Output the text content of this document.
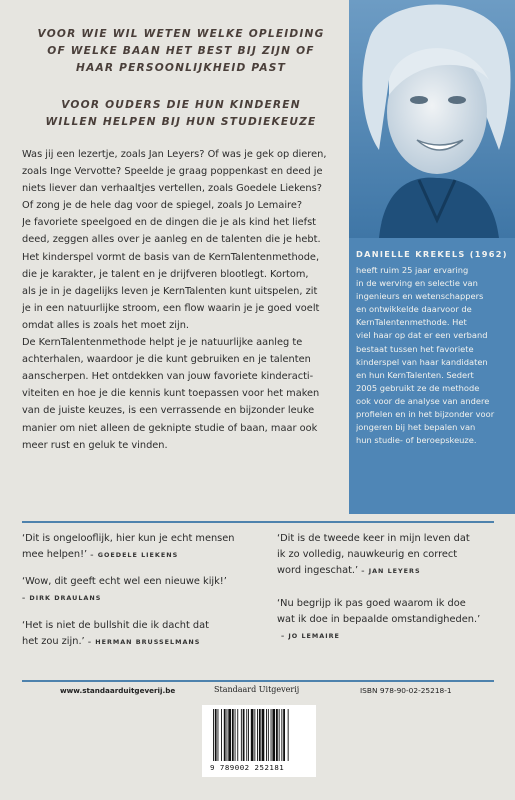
VOOR WIE WIL WETEN WELKE OPLEIDING
OF WELKE BAAN HET BEST BIJ ZIJN OF
HAAR PERSOONLIJKHEID PAST
VOOR OUDERS DIE HUN KINDEREN
WILLEN HELPEN BIJ HUN STUDIEKEUZE
Was jij een lezertje, zoals Jan Leyers? Of was je gek op dieren,
zoals Inge Vervotte? Speelde je graag poppenkast en deed je
niets liever dan verhaaltjes vertellen, zoals Goedele Liekens?
Of zong je de hele dag voor de spiegel, zoals Jo Lemaire?
Je favoriete speelgoed en de dingen die je als kind het liefst
deed, zeggen alles over je aanleg en de talenten die je hebt.
Het kinderspel vormt de basis van de KernTalentenmethode,
die je karakter, je talent en je drijfveren blootlegt. Kortom,
als je in je dagelijks leven je KernTalenten kunt uitspelen, zit
je in een natuurlijke stroom, een flow waarin je je goed voelt
omdat alles is zoals het moet zijn.
De KernTalentenmethode helpt je je natuurlijke aanleg te
achterhalen, waardoor je die kunt gebruiken en je talenten
aanscherpen. Het ontdekken van jouw favoriete kinderacti-
viteiten en hoe je die kennis kunt toepassen voor het maken
van de juiste keuzes, is een verrassende en bijzonder leuke
manier om niet alleen de geknipte studie of baan, maar ook
meer rust en geluk te vinden.
DANIELLE KREKELS (1962)
heeft ruim 25 jaar ervaring
in de werving en selectie van
ingenieurs en wetenschappers
en ontwikkelde daarvoor de
KernTalentenmethode. Het
viel haar op dat er een verband
bestaat tussen het favoriete
kinderspel van haar kandidaten
en hun KernTalenten. Sedert
2005 gebruikt ze de methode
ook voor de analyse van andere
profielen en in het bijzonder voor
jongeren bij het bepalen van
hun studie- of beroepskeuze.
‘Dit is ongelooflijk, hier kun je echt mensen
mee helpen!’ – GOEDELE LIEKENS
‘Wow, dit geeft echt wel een nieuwe kijk!’
– DIRK DRAULANS
‘Het is niet de bullshit die ik dacht dat
het zou zijn.’ – HERMAN BRUSSELMANS
‘Dit is de tweede keer in mijn leven dat
ik zo volledig, nauwkeurig en correct
word ingeschat.’ – JAN LEYERS
‘Nu begrijp ik pas goed waarom ik doe
wat ik doe in bepaalde omstandigheden.’
– JO LEMAIRE
www.standaarduitgeverij.be	Standaard Uitgeverij	ISBN 978-90-02-25218-1
9 789002 252181
